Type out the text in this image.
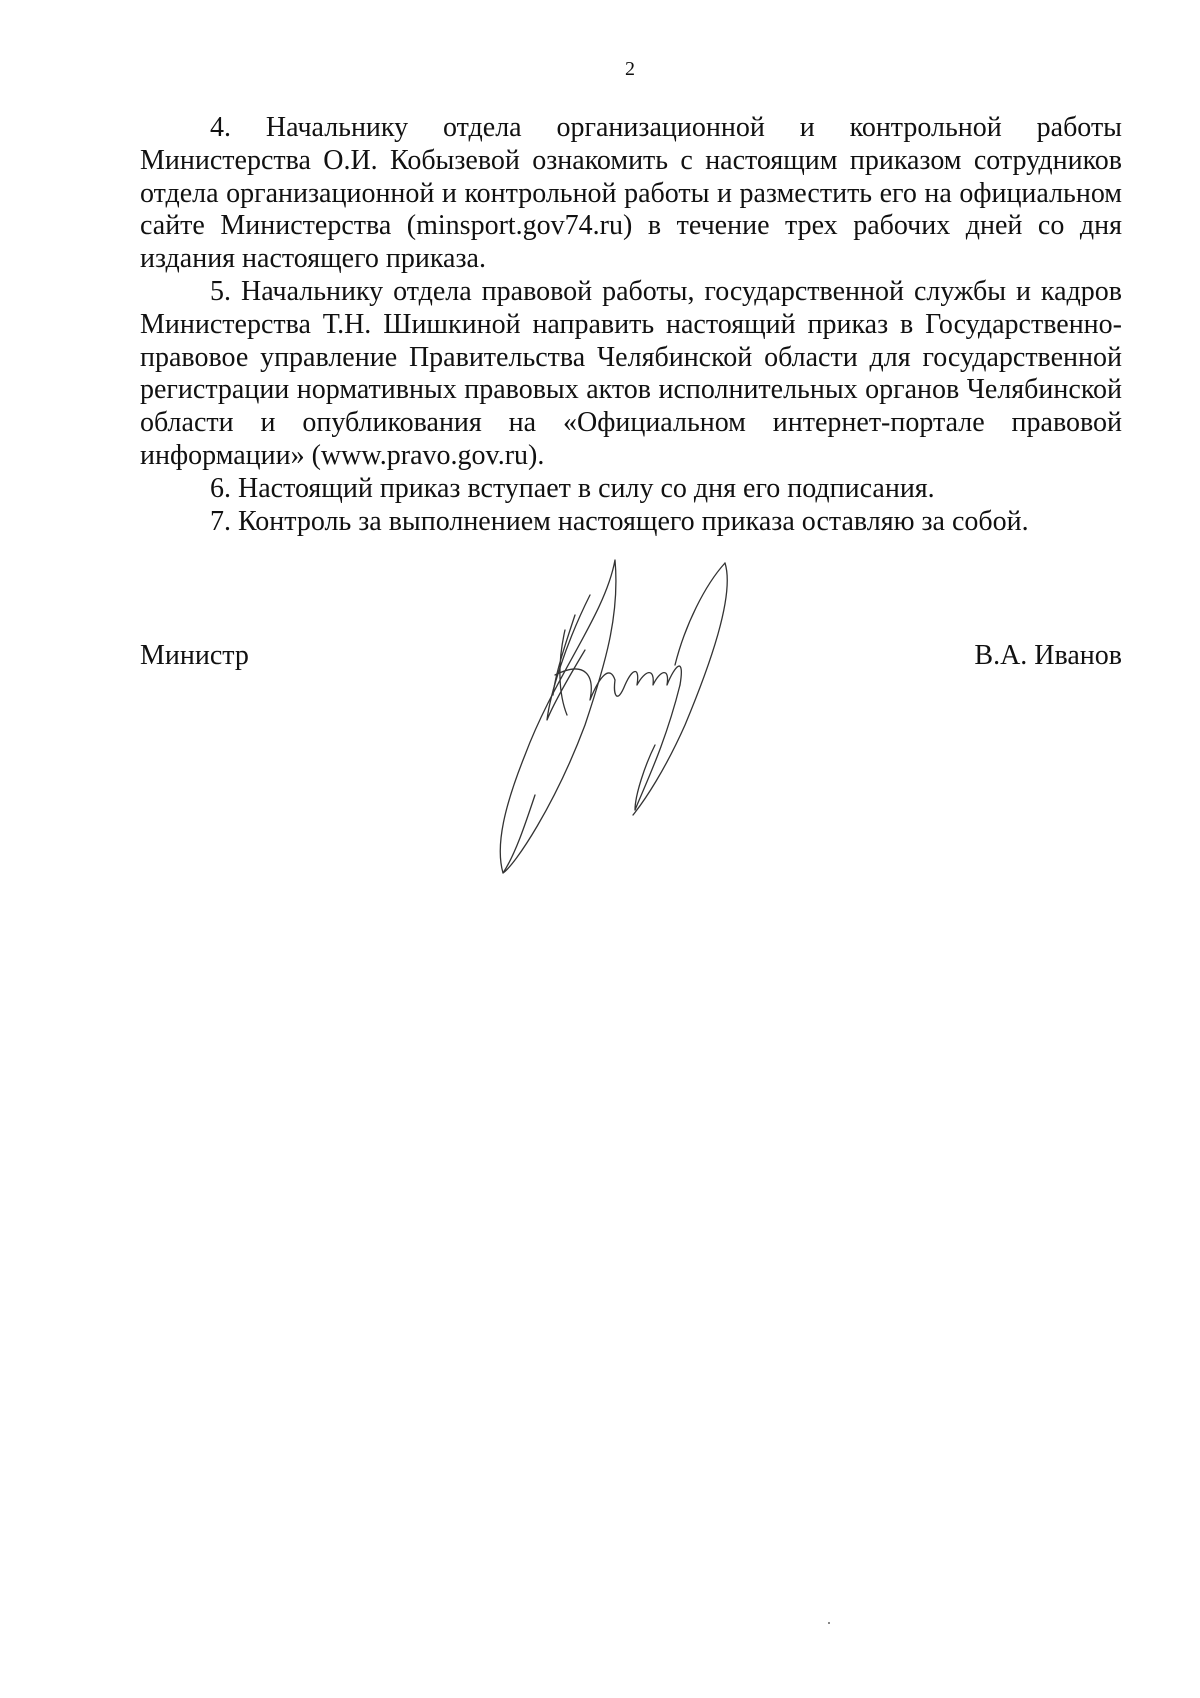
2

4. Начальнику отдела организационной и контрольной работы Министерства О.И. Кобызевой ознакомить с настоящим приказом сотрудников отдела организационной и контрольной работы и разместить его на официальном сайте Министерства (minsport.gov74.ru) в течение трех рабочих дней со дня издания настоящего приказа.

5. Начальнику отдела правовой работы, государственной службы и кадров Министерства Т.Н. Шишкиной направить настоящий приказ в Государственно-правовое управление Правительства Челябинской области для государственной регистрации нормативных правовых актов исполнительных органов Челябинской области и опубликования на «Официальном интернет-портале правовой информации» (www.pravo.gov.ru).

6. Настоящий приказ вступает в силу со дня его подписания.

7. Контроль за выполнением настоящего приказа оставляю за собой.

Министр	В.А. Иванов
